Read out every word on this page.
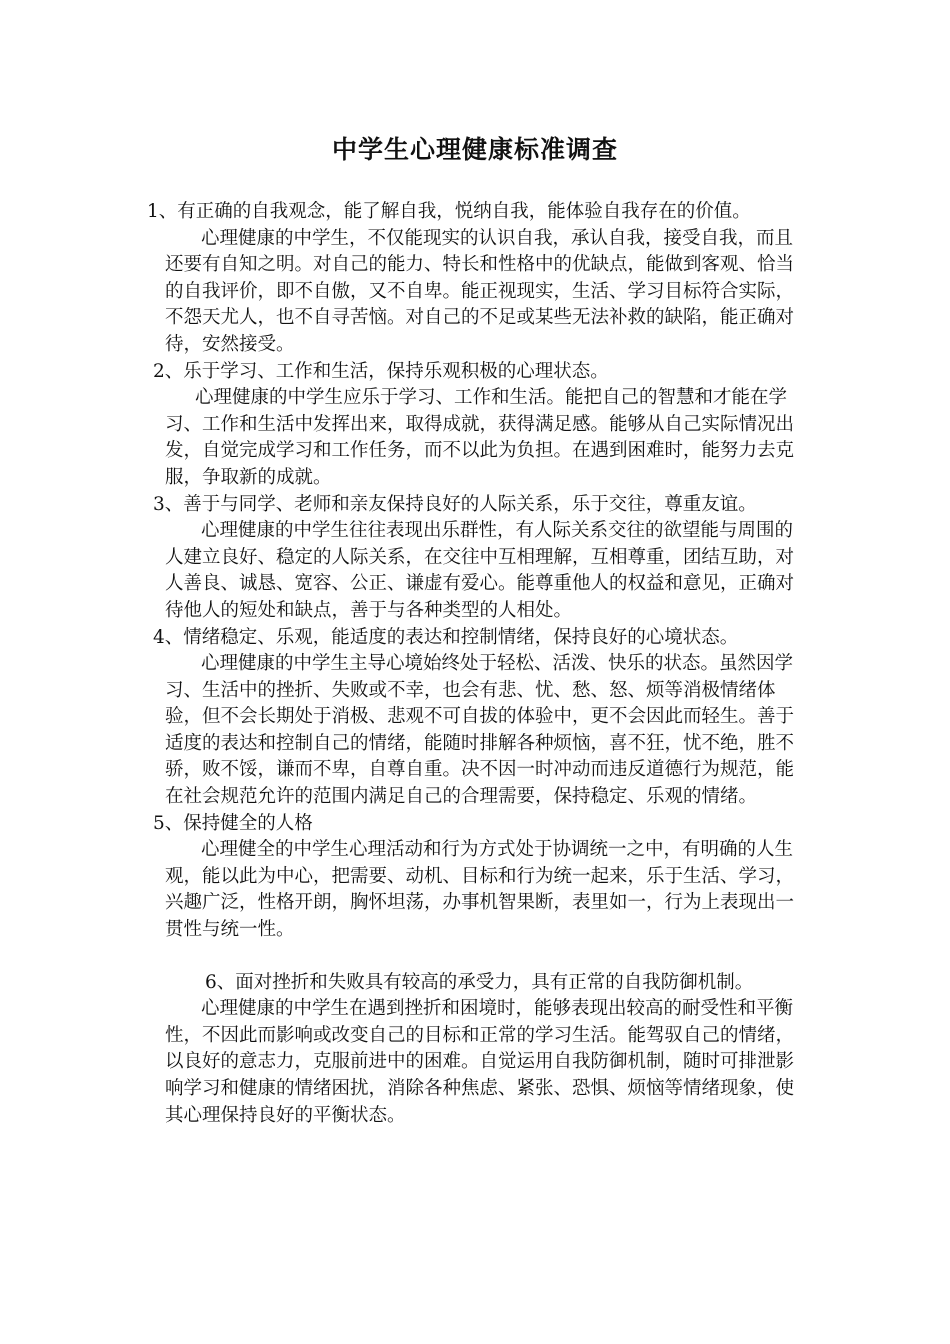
中学生心理健康标准调查

1、有正确的自我观念，能了解自我，悦纳自我，能体验自我存在的价值。

心理健康的中学生，不仅能现实的认识自我，承认自我，接受自我，而且还要有自知之明。对自己的能力、特长和性格中的优缺点，能做到客观、恰当的自我评价，即不自傲，又不自卑。能正视现实，生活、学习目标符合实际，不怨天尤人，也不自寻苦恼。对自己的不足或某些无法补救的缺陷，能正确对待，安然接受。

2、乐于学习、工作和生活，保持乐观积极的心理状态。

心理健康的中学生应乐于学习、工作和生活。能把自己的智慧和才能在学习、工作和生活中发挥出来，取得成就，获得满足感。能够从自己实际情况出发，自觉完成学习和工作任务，而不以此为负担。在遇到困难时，能努力去克服，争取新的成就。

3、善于与同学、老师和亲友保持良好的人际关系，乐于交往，尊重友谊。

心理健康的中学生往往表现出乐群性，有人际关系交往的欲望能与周围的人建立良好、稳定的人际关系，在交往中互相理解，互相尊重，团结互助，对人善良、诚恳、宽容、公正、谦虚有爱心。能尊重他人的权益和意见，正确对待他人的短处和缺点，善于与各种类型的人相处。

4、情绪稳定、乐观，能适度的表达和控制情绪，保持良好的心境状态。

心理健康的中学生主导心境始终处于轻松、活泼、快乐的状态。虽然因学习、生活中的挫折、失败或不幸，也会有悲、忧、愁、怒、烦等消极情绪体验，但不会长期处于消极、悲观不可自拔的体验中，更不会因此而轻生。善于适度的表达和控制自己的情绪，能随时排解各种烦恼，喜不狂，忧不绝，胜不骄，败不馁，谦而不卑，自尊自重。决不因一时冲动而违反道德行为规范，能在社会规范允许的范围内满足自己的合理需要，保持稳定、乐观的情绪。

5、保持健全的人格

心理健全的中学生心理活动和行为方式处于协调统一之中，有明确的人生观，能以此为中心，把需要、动机、目标和行为统一起来，乐于生活、学习，兴趣广泛，性格开朗，胸怀坦荡，办事机智果断，表里如一，行为上表现出一贯性与统一性。

6、面对挫折和失败具有较高的承受力，具有正常的自我防御机制。

心理健康的中学生在遇到挫折和困境时，能够表现出较高的耐受性和平衡性，不因此而影响或改变自己的目标和正常的学习生活。能驾驭自己的情绪，以良好的意志力，克服前进中的困难。自觉运用自我防御机制，随时可排泄影响学习和健康的情绪困扰，消除各种焦虑、紧张、恐惧、烦恼等情绪现象，使其心理保持良好的平衡状态。
